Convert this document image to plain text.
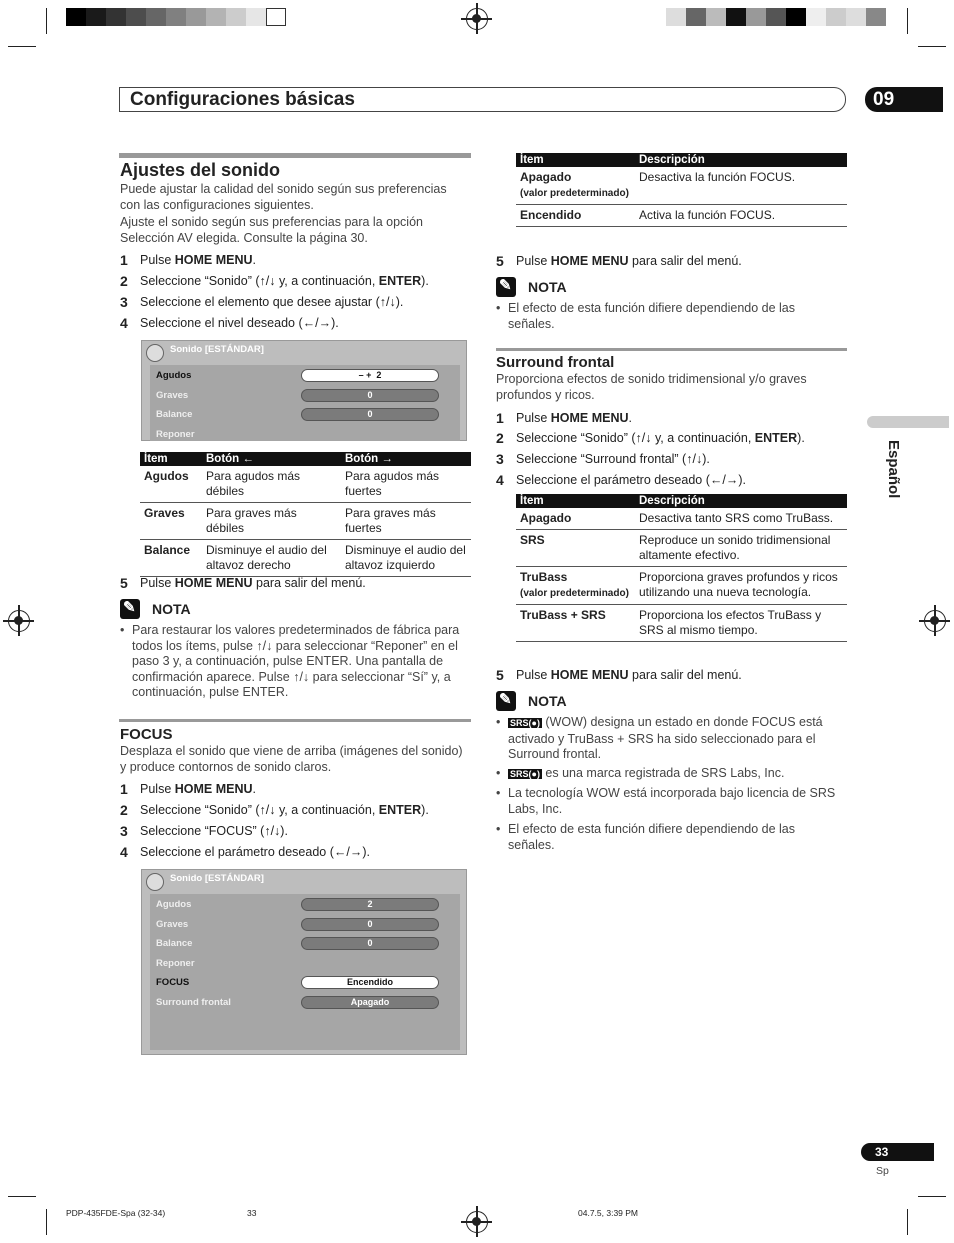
Configuraciones básicas	09
Español
Ajustes del sonido
Puede ajustar la calidad del sonido según sus preferencias con las configuraciones siguientes.
Ajuste el sonido según sus preferencias para la opción Selección AV elegida. Consulte la página 30.
1 Pulse HOME MENU.
2 Seleccione “Sonido” (↑/↓ y, a continuación, ENTER).
3 Seleccione el elemento que desee ajustar (↑/↓).
4 Seleccione el nivel deseado (←/→).
Sonido [ESTÁNDAR]
Agudos	– + 2
Graves	0
Balance	0
Reponer
Ítem	Botón ←	Botón →
Agudos	Para agudos más débiles	Para agudos más fuertes
Graves	Para graves más débiles	Para graves más fuertes
Balance	Disminuye el audio del altavoz derecho	Disminuye el audio del altavoz izquierdo
5 Pulse HOME MENU para salir del menú.
✎
NOTA
• Para restaurar los valores predeterminados de fábrica para todos los ítems, pulse ↑/↓ para seleccionar “Reponer” en el paso 3 y, a continuación, pulse ENTER. Una pantalla de confirmación aparece. Pulse ↑/↓ para seleccionar “Sí” y, a continuación, pulse ENTER.
FOCUS
Desplaza el sonido que viene de arriba (imágenes del sonido) y produce contornos de sonido claros.
1 Pulse HOME MENU.
2 Seleccione “Sonido” (↑/↓ y, a continuación, ENTER).
3 Seleccione “FOCUS” (↑/↓).
4 Seleccione el parámetro deseado (←/→).
Sonido [ESTÁNDAR]
Agudos	2
Graves	0
Balance	0
Reponer
FOCUS	Encendido
Surround frontal	Apagado
Ítem	Descripción
Apagado
(valor predeterminado)	Desactiva la función FOCUS.
Encendido	Activa la función FOCUS.
5 Pulse HOME MENU para salir del menú.
✎
NOTA
• El efecto de esta función difiere dependiendo de las señales.
Surround frontal
Proporciona efectos de sonido tridimensional y/o graves profundos y ricos.
1 Pulse HOME MENU.
2 Seleccione “Sonido” (↑/↓ y, a continuación, ENTER).
3 Seleccione “Surround frontal” (↑/↓).
4 Seleccione el parámetro deseado (←/→).
Ítem	Descripción
Apagado	Desactiva tanto SRS como TruBass.
SRS	Reproduce un sonido tridimensional altamente efectivo.
TruBass
(valor predeterminado)	Proporciona graves profundos y ricos utilizando una nueva tecnología.
TruBass + SRS	Proporciona los efectos TruBass y SRS al mismo tiempo.
5 Pulse HOME MENU para salir del menú.
✎
NOTA
• SRS(●) (WOW) designa un estado en donde FOCUS está activado y TruBass + SRS ha sido seleccionado para el Surround frontal.
• SRS(●) es una marca registrada de SRS Labs, Inc.
• La tecnología WOW está incorporada bajo licencia de SRS Labs, Inc.
• El efecto de esta función difiere dependiendo de las señales.
33
Sp
PDP-435FDE-Spa (32-34)	33	04.7.5, 3:39 PM
